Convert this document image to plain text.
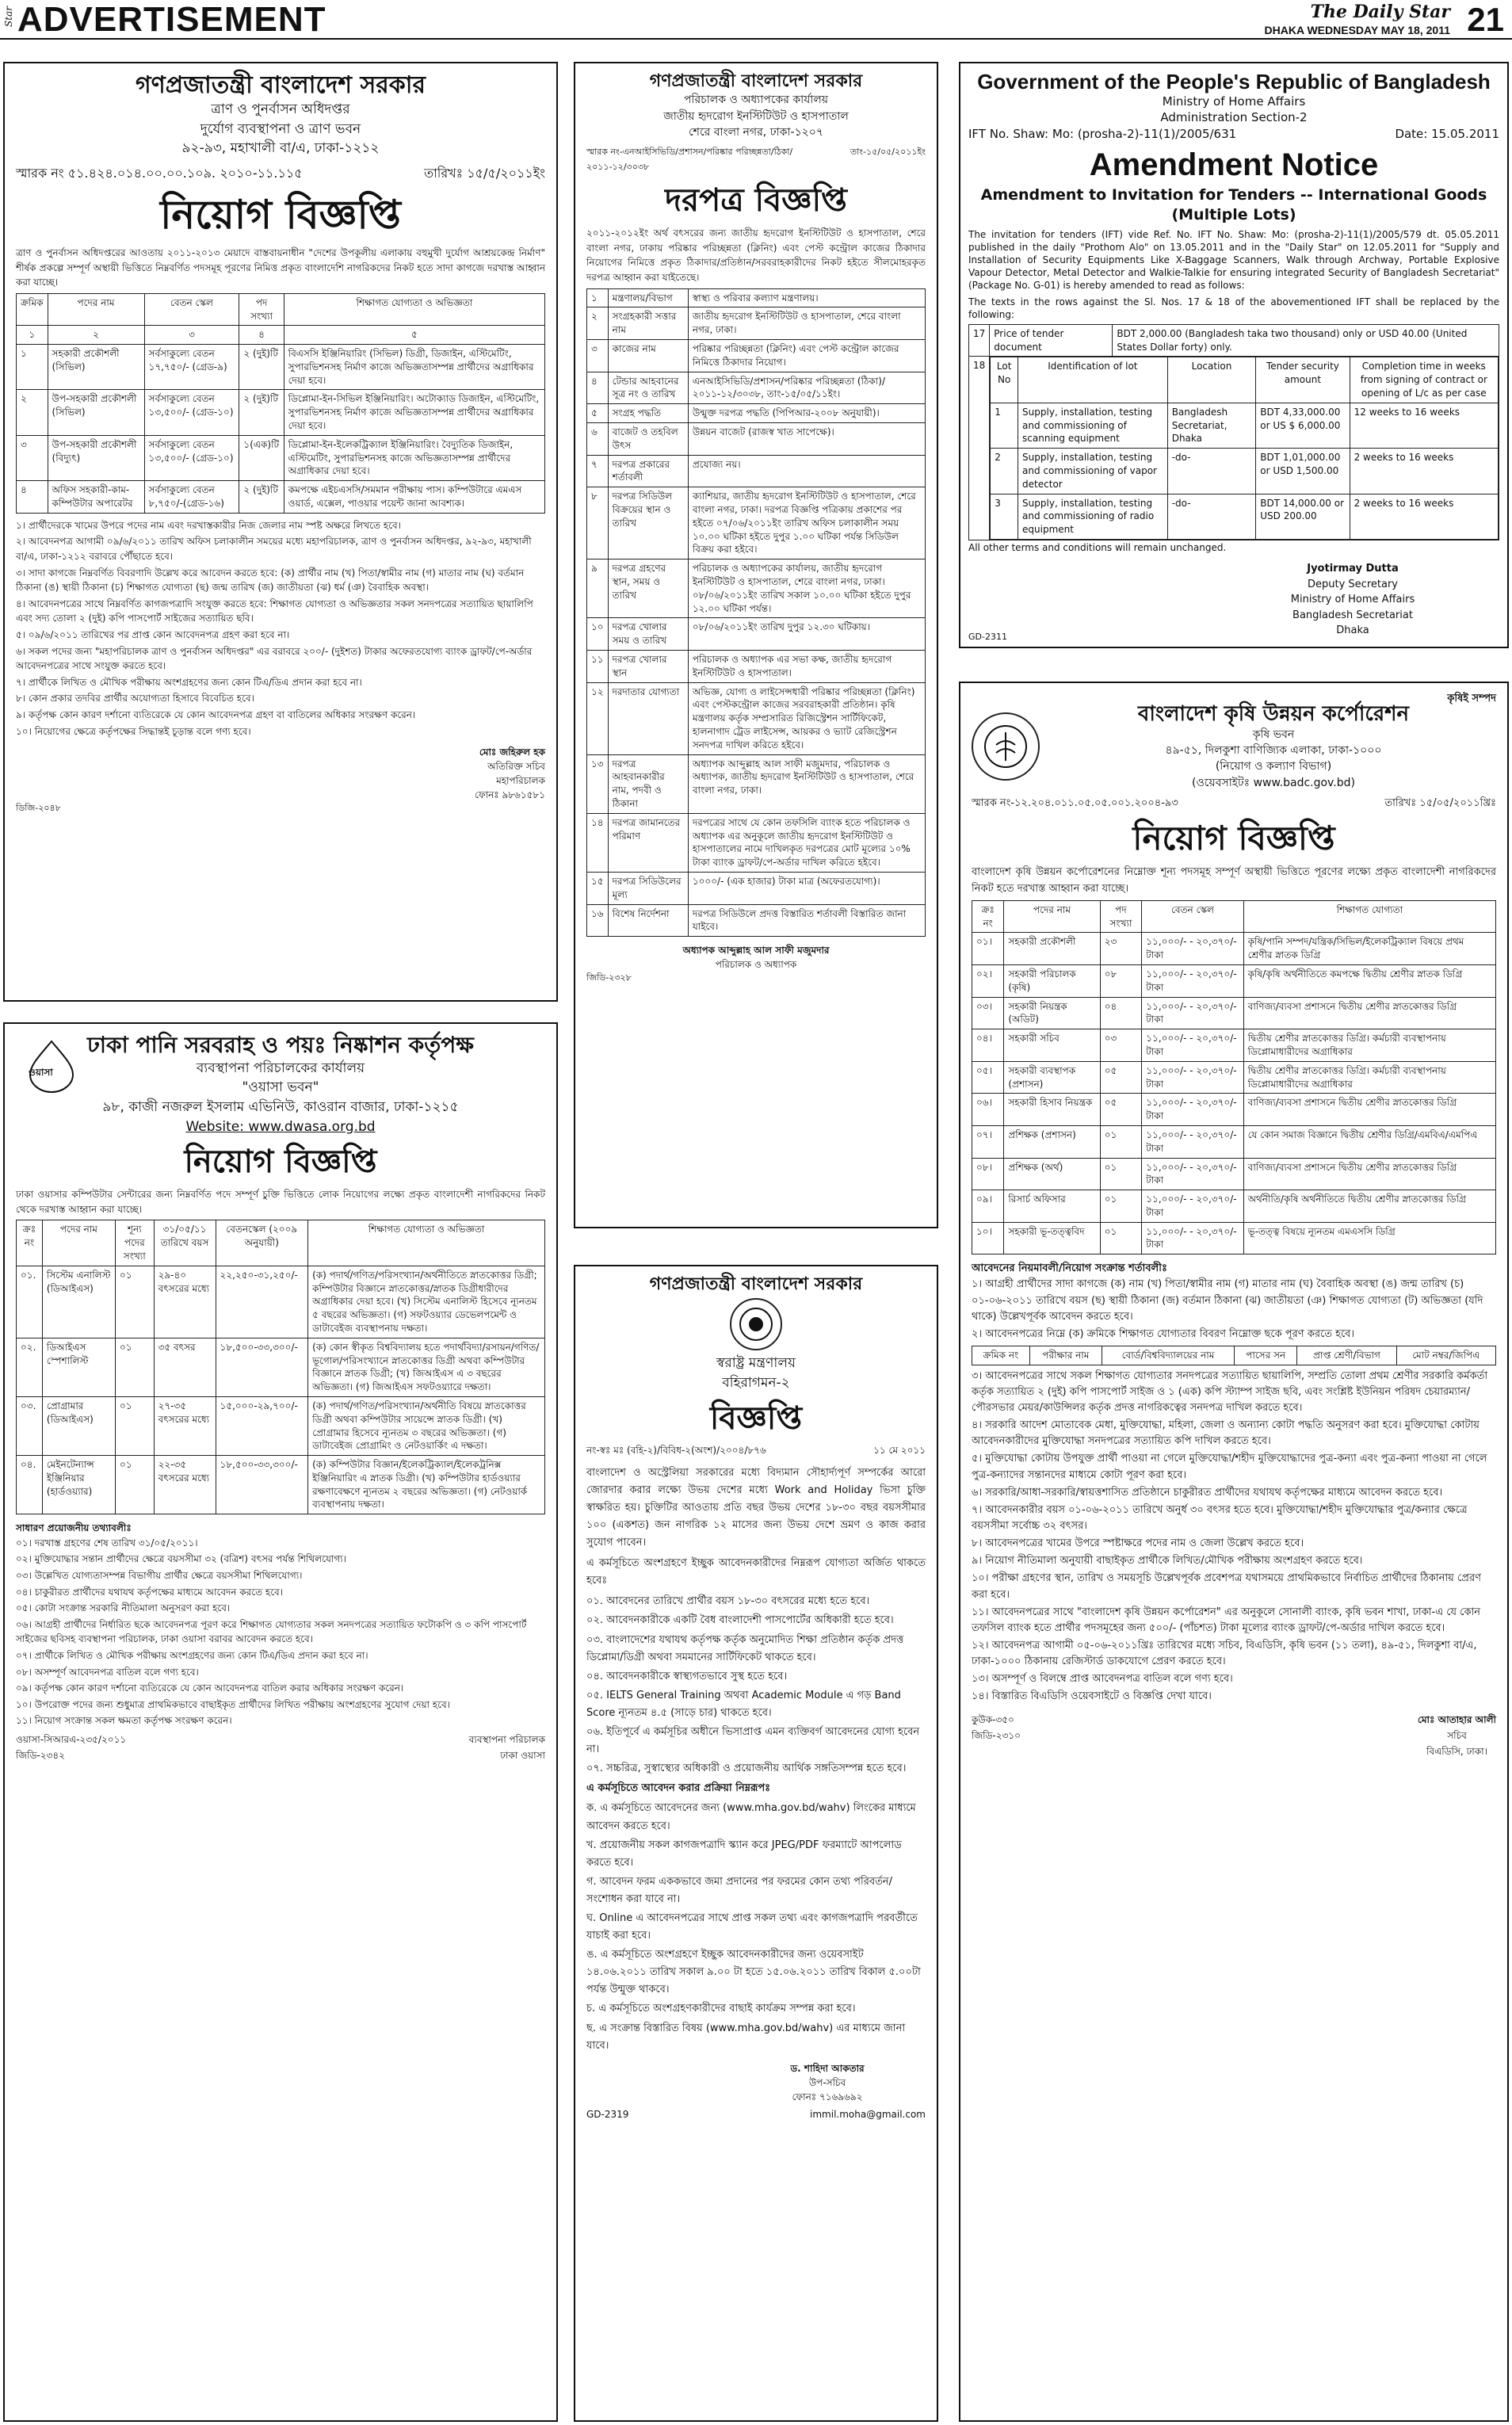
Star ADVERTISEMENT	The Daily Star
DHAKA WEDNESDAY MAY 18, 2011 21
গণপ্রজাতন্ত্রী বাংলাদেশ সরকার
ত্রাণ ও পুনর্বাসন অধিদপ্তর
দুর্যোগ ব্যবস্থাপনা ও ত্রাণ ভবন
৯২-৯৩, মহাখালী বা/এ, ঢাকা-১২১২
স্মারক নং ৫১.৪২৪.০১৪.০০.০০.১০৯. ২০১০-১১.১১৫	তারিখঃ ১৫/৫/২০১১ইং
নিয়োগ বিজ্ঞপ্তি
ত্রাণ ও পুনর্বাসন অধিদপ্তরের আওতায় ২০১১-২০১৩ মেয়াদে বাস্তবায়নাধীন "দেশের উপকূলীয় এলাকায় বহুমুখী দুর্যোগ আশ্রয়কেন্দ্র নির্মাণ" শীর্ষক প্রকল্পে সম্পূর্ণ অস্থায়ী ভিত্তিতে নিম্নবর্ণিত পদসমূহ পূরণের নিমিত্ত প্রকৃত বাংলাদেশি নাগরিকদের নিকট হতে সাদা কাগজে দরখাস্ত আহ্বান করা যাচ্ছে।
ক্রমিক	পদের নাম	বেতন স্কেল	পদ সংখ্যা	শিক্ষাগত যোগ্যতা ও অভিজ্ঞতা
১	২	৩	৪	৫
১	সহকারী প্রকৌশলী (সিভিল)	সর্বসাকুল্যে বেতন ১৭,৭৫০/- (গ্রেড-৯)	২ (দুই)টি	বিএসসি ইঞ্জিনিয়ারিং (সিভিল) ডিগ্রী, ডিজাইন, এস্টিমেটিং, সুপারভিশনসহ নির্মাণ কাজে অভিজ্ঞতাসম্পন্ন প্রার্থীদের অগ্রাধিকার দেয়া হবে।
২	উপ-সহকারী প্রকৌশলী (সিভিল)	সর্বসাকুল্যে বেতন ১৩,৫০০/- (গ্রেড-১০)	২ (দুই)টি	ডিপ্লোমা-ইন-সিভিল ইঞ্জিনিয়ারিং। অটোক্যাড ডিজাইন, এস্টিমেটিং, সুপারভিশনসহ নির্মাণ কাজে অভিজ্ঞতাসম্পন্ন প্রার্থীদের অগ্রাধিকার দেয়া হবে।
৩	উপ-সহকারী প্রকৌশলী (বিদ্যুৎ)	সর্বসাকুল্যে বেতন ১৩,৫০০/- (গ্রেড-১০)	১(এক)টি	ডিপ্লোমা-ইন-ইলেকট্রিক্যাল ইঞ্জিনিয়ারিং। বৈদ্যুতিক ডিজাইন, এস্টিমেটিং, সুপারভিশনসহ কাজে অভিজ্ঞতাসম্পন্ন প্রার্থীদের অগ্রাধিকার দেয়া হবে।
৪	অফিস সহকারী-কাম-কম্পিউটার অপারেটর	সর্বসাকুল্যে বেতন ৮,৭৫০/-(গ্রেড-১৬)	২ (দুই)টি	কমপক্ষে এইচএসসি/সমমান পরীক্ষায় পাস। কম্পিউটারে এমএস ওয়ার্ড, এক্সেল, পাওয়ার পয়েন্ট জানা আবশ্যক।
১। প্রার্থীদেরকে খামের উপরে পদের নাম এবং দরখাস্তকারীর নিজ জেলার নাম স্পষ্ট অক্ষরে লিখতে হবে।
২। আবেদনপত্র আগামী ০৯/৬/২০১১ তারিখ অফিস চলাকালীন সময়ের মধ্যে মহাপরিচালক, ত্রাণ ও পুনর্বাসন অধিদপ্তর, ৯২-৯৩, মহাখালী বা/এ, ঢাকা-১২১২ বরাবরে পৌঁছাতে হবে।
৩। সাদা কাগজে নিম্নবর্ণিত বিবরণাদি উল্লেখ করে আবেদন করতে হবে: (ক) প্রার্থীর নাম (খ) পিতা/স্বামীর নাম (গ) মাতার নাম (ঘ) বর্তমান ঠিকানা (ঙ) স্থায়ী ঠিকানা (চ) শিক্ষাগত যোগ্যতা (ছ) জন্ম তারিখ (জ) জাতীয়তা (ঝ) ধর্ম (ঞ) বৈবাহিক অবস্থা।
৪। আবেদনপত্রের সাথে নিম্নবর্ণিত কাগজপত্রাদি সংযুক্ত করতে হবে: শিক্ষাগত যোগ্যতা ও অভিজ্ঞতার সকল সনদপত্রের সত্যায়িত ছায়ালিপি এবং সদ্য তোলা ২ (দুই) কপি পাসপোর্ট সাইজের সত্যায়িত ছবি।
৫। ০৯/৬/২০১১ তারিখের পর প্রাপ্ত কোন আবেদনপত্র গ্রহণ করা হবে না।
৬। সকল পদের জন্য "মহাপরিচালক ত্রাণ ও পুনর্বাসন অধিদপ্তর" এর বরাবরে ২০০/- (দুইশত) টাকার অফেরতযোগ্য ব্যাংক ড্রাফট/পে-অর্ডার আবেদনপত্রের সাথে সংযুক্ত করতে হবে।
৭। প্রার্থীকে লিখিত ও মৌখিক পরীক্ষায় অংশগ্রহণের জন্য কোন টিএ/ডিএ প্রদান করা হবে না।
৮। কোন প্রকার তদবির প্রার্থীর অযোগ্যতা হিসাবে বিবেচিত হবে।
৯। কর্তৃপক্ষ কোন কারণ দর্শানো ব্যতিরেকে যে কোন আবেদনপত্র গ্রহণ বা বাতিলের অধিকার সংরক্ষণ করেন।
১০। নিয়োগের ক্ষেত্রে কর্তৃপক্ষের সিদ্ধান্তই চূড়ান্ত বলে গণ্য হবে।
মোঃ জহিরুল হক
অতিরিক্ত সচিব
মহাপরিচালক
ফোনঃ ৯৮৬১৫৮১
ডিজি-২০৪৮
গণপ্রজাতন্ত্রী বাংলাদেশ সরকার
পরিচালক ও অধ্যাপকের কার্যালয়
জাতীয় হৃদরোগ ইনস্টিটিউট ও হাসপাতাল
শেরে বাংলা নগর, ঢাকা-১২০৭
স্মারক নং-এনআইসিভিডি/প্রশাসন/পরিষ্কার পরিচ্ছন্নতা/ঠিকা/২০১১-১২/৩০৩৮
তাং-১৫/০৫/২০১১ইং
দরপত্র বিজ্ঞপ্তি
২০১১-২০১২ইং অর্থ বৎসরের জন্য জাতীয় হৃদরোগ ইনস্টিটিউট ও হাসপাতাল, শেরে বাংলা নগর, ঢাকায় পরিষ্কার পরিচ্ছন্নতা (ক্লিনিং) এবং পেস্ট কন্ট্রোল কাজের ঠিকাদার নিয়োগের নিমিত্তে প্রকৃত ঠিকাদার/প্রতিষ্ঠান/সরবরাহকারীদের নিকট হইতে সীলমোহরকৃত দরপত্র আহ্বান করা যাইতেছে।
১	মন্ত্রণালয়/বিভাগ	স্বাস্থ্য ও পরিবার কল্যাণ মন্ত্রণালয়।
২	সংগ্রহকারী সত্তার নাম	জাতীয় হৃদরোগ ইনস্টিটিউট ও হাসপাতাল, শেরে বাংলা নগর, ঢাকা।
৩	কাজের নাম	পরিষ্কার পরিচ্ছন্নতা (ক্লিনিং) এবং পেস্ট কন্ট্রোল কাজের নিমিত্তে ঠিকাদার নিয়োগ।
৪	টেন্ডার আহবানের সূত্র নং ও তারিখ	এনআইসিভিডি/প্রশাসন/পরিষ্কার পরিচ্ছন্নতা (ঠিকা)/২০১১-১২/৩০৩৮, তাং-১৫/০৫/১১ইং।
৫	সংগ্রহ পদ্ধতি	উন্মুক্ত দরপত্র পদ্ধতি (পিপিআর-২০০৮ অনুযায়ী)।
৬	বাজেট ও তহবিল উৎস	উন্নয়ন বাজেট (রাজস্ব খাত সাপেক্ষে)।
৭	দরপত্র প্রকারের শর্তাবলী	প্রযোজ্য নয়।
৮	দরপত্র সিডিউল বিক্রয়ের স্থান ও তারিখ	ক্যাশিয়ার, জাতীয় হৃদরোগ ইনস্টিটিউট ও হাসপাতাল, শেরে বাংলা নগর, ঢাকা। দরপত্র বিজ্ঞপ্তি পত্রিকায় প্রকাশের পর হইতে ০৭/০৬/২০১১ইং তারিখ অফিস চলাকালীন সময় ১০.০০ ঘটিকা হইতে দুপুর ১.০০ ঘটিকা পর্যন্ত সিডিউল বিক্রয় করা হইবে।
৯	দরপত্র গ্রহণের স্থান, সময় ও তারিখ	পরিচালক ও অধ্যাপকের কার্যালয়, জাতীয় হৃদরোগ ইনস্টিটিউট ও হাসপাতাল, শেরে বাংলা নগর, ঢাকা। ০৮/০৬/২০১১ইং তারিখ সকাল ১০.০০ ঘটিকা হইতে দুপুর ১২.০০ ঘটিকা পর্যন্ত।
১০	দরপত্র খোলার সময় ও তারিখ	০৮/০৬/২০১১ইং তারিখ দুপুর ১২.৩০ ঘটিকায়।
১১	দরপত্র খোলার স্থান	পরিচালক ও অধ্যাপক এর সভা কক্ষ, জাতীয় হৃদরোগ ইনস্টিটিউট ও হাসপাতাল।
১২	দরদাতার যোগ্যতা	অভিজ্ঞ, যোগ্য ও লাইসেন্সধারী পরিষ্কার পরিচ্ছন্নতা (ক্লিনিং) এবং পেস্টকন্ট্রোল কাজের সরবরাহকারী প্রতিষ্ঠান। কৃষি মন্ত্রণালয় কর্তৃক সম্প্রসারিত রিজিস্ট্রেশন সার্টিফিকেট, হালনাগাদ ট্রেড লাইসেন্স, আয়কর ও ভ্যাট রেজিস্ট্রেশন সনদপত্র দাখিল করিতে হইবে।
১৩	দরপত্র আহবানকারীর নাম, পদবী ও ঠিকানা	অধ্যাপক আব্দুল্লাহ আল সাফী মজুমদার, পরিচালক ও অধ্যাপক, জাতীয় হৃদরোগ ইনস্টিটিউট ও হাসপাতাল, শেরে বাংলা নগর, ঢাকা।
১৪	দরপত্র জামানতের পরিমাণ	দরপত্রের সাথে যে কোন তফসিলি ব্যাংক হতে পরিচালক ও অধ্যাপক এর অনুকূলে জাতীয় হৃদরোগ ইনস্টিটিউট ও হাসপাতালের নামে দাখিলকৃত দরপত্রের মোট মূল্যের ১০% টাকা ব্যাংক ড্রাফট/পে-অর্ডার দাখিল করিতে হইবে।
১৫	দরপত্র সিডিউলের মূল্য	১০০০/- (এক হাজার) টাকা মাত্র (অফেরতযোগ্য)।
১৬	বিশেষ নির্দেশনা	দরপত্র সিডিউলে প্রদত্ত বিস্তারিত শর্তাবলী বিস্তারিত জানা যাইবে।
অধ্যাপক আব্দুল্লাহ আল সাফী মজুমদার
পরিচালক ও অধ্যাপক
জিডি-২৩২৮
Government of the People's Republic of Bangladesh
Ministry of Home Affairs
Administration Section-2
IFT No. Shaw: Mo: (prosha-2)-11(1)/2005/631	Date: 15.05.2011
Amendment Notice
Amendment to Invitation for Tenders -- International Goods (Multiple Lots)
The invitation for tenders (IFT) vide Ref. No. IFT No. Shaw: Mo: (prosha-2)-11(1)/2005/579 dt. 05.05.2011 published in the daily "Prothom Alo" on 13.05.2011 and in the "Daily Star" on 12.05.2011 for "Supply and Installation of Security Equipments Like X-Baggage Scanners, Walk through Archway, Portable Explosive Vapour Detector, Metal Detector and Walkie-Talkie for ensuring integrated Security of Bangladesh Secretariat" (Package No. G-01) is hereby amended to read as follows:
The texts in the rows against the Sl. Nos. 17 & 18 of the abovementioned IFT shall be replaced by the following:
17	Price of tender document	BDT 2,000.00 (Bangladesh taka two thousand) only or USD 40.00 (United States Dollar forty) only.
18	Lot No	Identification of lot	Location	Tender security amount	Completion time in weeks from signing of contract or opening of L/c as per case
1	Supply, installation, testing and commissioning of scanning equipment	Bangladesh Secretariat, Dhaka	BDT 4,33,000.00 or US $ 6,000.00	12 weeks to 16 weeks
2	Supply, installation, testing and commissioning of vapor detector	-do-	BDT 1,01,000.00 or USD 1,500.00	2 weeks to 16 weeks
3	Supply, installation, testing and commissioning of radio equipment	-do-	BDT 14,000.00 or USD 200.00	2 weeks to 16 weeks
All other terms and conditions will remain unchanged.
Jyotirmay Dutta
Deputy Secretary
Ministry of Home Affairs
Bangladesh Secretariat
Dhaka
GD-2311
ওয়াসা
ঢাকা পানি সরবরাহ ও পয়ঃ নিষ্কাশন কর্তৃপক্ষ
ব্যবস্থাপনা পরিচালকের কার্যালয়
"ওয়াসা ভবন"
৯৮, কাজী নজরুল ইসলাম এভিনিউ, কাওরান বাজার, ঢাকা-১২১৫
Website: www.dwasa.org.bd
নিয়োগ বিজ্ঞপ্তি
ঢাকা ওয়াসার কম্পিউটার সেন্টারের জন্য নিম্নবর্ণিত পদে সম্পূর্ণ চুক্তি ভিত্তিতে লোক নিয়োগের লক্ষ্যে প্রকৃত বাংলাদেশী নাগরিকদের নিকট থেকে দরখাস্ত আহ্বান করা যাচ্ছে।
ক্রঃ নং	পদের নাম	শূন্য পদের সংখ্যা	৩১/০৫/১১ তারিখে বয়স	বেতনস্কেল (২০০৯ অনুযায়ী)	শিক্ষাগত যোগ্যতা ও অভিজ্ঞতা
০১.	সিস্টেম এনালিস্ট (ডিআইএস)	০১	২৯-৪০ বৎসরের মধ্যে	২২,২৫০-৩১,২৫০/-	(ক) পদার্থ/গণিত/পরিসংখ্যান/অর্থনীতিতে স্নাতকোত্তর ডিগ্রী; কম্পিউটার বিজ্ঞানে স্নাতকোত্তর/স্নাতক ডিগ্রীধারীদের অগ্রাধিকার দেয়া হবে। (খ) সিস্টেম এনালিস্ট হিসেবে ন্যূনতম ৫ বছরের অভিজ্ঞতা। (গ) সফটওয়্যার ডেভেলপমেন্ট ও ডাটাবেইজ ব্যবস্থাপনায় দক্ষতা।
০২.	ডিআইএস স্পেশালিস্ট	০১	৩৫ বৎসর	১৮,৫০০-৩৩,৩০০/-	(ক) কোন স্বীকৃত বিশ্ববিদ্যালয় হতে পদার্থবিদ্যা/রসায়ন/গণিত/ভূগোল/পরিসংখ্যানে স্নাতকোত্তর ডিগ্রী অথবা কম্পিউটার বিজ্ঞানে স্নাতক ডিগ্রী; (খ) জিআইএস এ ৩ বছরের অভিজ্ঞতা। (গ) জিআইএস সফটওয়্যারে দক্ষতা।
০৩.	প্রোগ্রামার (ডিআইএস)	০১	২৭-৩৫ বৎসরের মধ্যে	১৫,০০০-২৯,৭০০/-	(ক) পদার্থ/গণিত/পরিসংখ্যান/অর্থনীতি বিষয়ে স্নাতকোত্তর ডিগ্রী অথবা কম্পিউটার সায়েন্সে স্নাতক ডিগ্রী। (খ) প্রোগ্রামার হিসেবে ন্যূনতম ৩ বছরের অভিজ্ঞতা। (গ) ডাটাবেইজ প্রোগ্রামিং ও নেটওয়ার্কিং এ দক্ষতা।
০৪.	মেইনটেন্যান্স ইঞ্জিনিয়ার (হার্ডওয়্যার)	০১	২২-৩৫ বৎসরের মধ্যে	১৮,৫০০-৩৩,৩০০/-	(ক) কম্পিউটার বিজ্ঞান/ইলেকট্রিক্যাল/ইলেকট্রনিক্স ইঞ্জিনিয়ারিং এ স্নাতক ডিগ্রী। (খ) কম্পিউটার হার্ডওয়্যার রক্ষণাবেক্ষণে ন্যূনতম ২ বছরের অভিজ্ঞতা। (গ) নেটওয়ার্ক ব্যবস্থাপনায় দক্ষতা।
সাধারণ প্রয়োজনীয় তথ্যাবলীঃ
০১। দরখাস্ত গ্রহণের শেষ তারিখ ৩১/০৫/২০১১।
০২। মুক্তিযোদ্ধার সন্তান প্রার্থীদের ক্ষেত্রে বয়সসীমা ৩২ (বত্রিশ) বৎসর পর্যন্ত শিথিলযোগ্য।
০৩। উল্লেখিত যোগ্যতাসম্পন্ন বিভাগীয় প্রার্থীর ক্ষেত্রে বয়সসীমা শিথিলযোগ্য।
০৪। চাকুরীরত প্রার্থীদের যথাযথ কর্তৃপক্ষের মাধ্যমে আবেদন করতে হবে।
০৫। কোটা সংক্রান্ত সরকারি নীতিমালা অনুসরণ করা হবে।
০৬। আগ্রহী প্রার্থীদের নির্ধারিত ছকে আবেদনপত্র পূরণ করে শিক্ষাগত যোগ্যতার সকল সনদপত্রের সত্যায়িত ফটোকপি ও ৩ কপি পাসপোর্ট সাইজের ছবিসহ ব্যবস্থাপনা পরিচালক, ঢাকা ওয়াসা বরাবর আবেদন করতে হবে।
০৭। প্রার্থীকে লিখিত ও মৌখিক পরীক্ষায় অংশগ্রহণের জন্য কোন টিএ/ডিএ প্রদান করা হবে না।
০৮। অসম্পূর্ণ আবেদনপত্র বাতিল বলে গণ্য হবে।
০৯। কর্তৃপক্ষ কোন কারণ দর্শানো ব্যতিরেকে যে কোন আবেদনপত্র বাতিল করার অধিকার সংরক্ষণ করেন।
১০। উপরোক্ত পদের জন্য শুধুমাত্র প্রাথমিকভাবে বাছাইকৃত প্রার্থীদের লিখিত পরীক্ষায় অংশগ্রহণের সুযোগ দেয়া হবে।
১১। নিয়োগ সংক্রান্ত সকল ক্ষমতা কর্তৃপক্ষ সংরক্ষণ করেন।
ওয়াসা-সিআরএ-২৩৫/২০১১
জিডি-২৩৪২
ব্যবস্থাপনা পরিচালক
ঢাকা ওয়াসা
গণপ্রজাতন্ত্রী বাংলাদেশ সরকার
স্বরাষ্ট্র মন্ত্রণালয়
বহিরাগমন-২
বিজ্ঞপ্তি
নং-স্বঃ মঃ (বহি-২)/বিবিধ-২(অংশ)/২০০৪/৮৭৬	১১ মে ২০১১
বাংলাদেশ ও অস্ট্রেলিয়া সরকারের মধ্যে বিদ্যমান সৌহার্দ্যপূর্ণ সম্পর্কের আরো জোরদার করার লক্ষ্যে উভয় দেশের মধ্যে Work and Holiday ভিসা চুক্তি স্বাক্ষরিত হয়। চুক্তিটির আওতায় প্রতি বছর উভয় দেশের ১৮-৩০ বছর বয়সসীমার ১০০ (একশত) জন নাগরিক ১২ মাসের জন্য উভয় দেশে ভ্রমণ ও কাজ করার সুযোগ পাবেন।
এ কর্মসূচিতে অংশগ্রহণে ইচ্ছুক আবেদনকারীদের নিম্নরূপ যোগ্যতা অর্জিত থাকতে হবেঃ
০১. আবেদনের তারিখে প্রার্থীর বয়স ১৮-৩০ বৎসরের মধ্যে হতে হবে।
০২. আবেদনকারীকে একটি বৈধ বাংলাদেশী পাসপোর্টের অধিকারী হতে হবে।
০৩. বাংলাদেশের যথাযথ কর্তৃপক্ষ কর্তৃক অনুমোদিত শিক্ষা প্রতিষ্ঠান কর্তৃক প্রদত্ত ডিপ্লোমা/ডিগ্রী অথবা সমমানের সার্টিফিকেট থাকতে হবে।
০৪. আবেদনকারীকে স্বাস্থ্যগতভাবে সুস্থ হতে হবে।
০৫. IELTS General Training অথবা Academic Module এ গড় Band Score ন্যূনতম ৪.৫ (সাড়ে চার) থাকতে হবে।
০৬. ইতিপূর্বে এ কর্মসূচির অধীনে ভিসাপ্রাপ্ত এমন ব্যক্তিবর্গ আবেদনের যোগ্য হবেন না।
০৭. সচ্চরিত্র, সুস্বাস্থ্যের অধিকারী ও প্রয়োজনীয় আর্থিক সঙ্গতিসম্পন্ন হতে হবে।
এ কর্মসূচিতে আবেদন করার প্রক্রিয়া নিম্নরূপঃ
ক. এ কর্মসূচিতে আবেদনের জন্য (www.mha.gov.bd/wahv) লিংকের মাধ্যমে আবেদন করতে হবে।
খ. প্রয়োজনীয় সকল কাগজপত্রাদি স্ক্যান করে JPEG/PDF ফরম্যাটে আপলোড করতে হবে।
গ. আবেদন ফরম এককভাবে জমা প্রদানের পর ফরমের কোন তথ্য পরিবর্তন/সংশোধন করা যাবে না।
ঘ. Online এ আবেদনপত্রের সাথে প্রাপ্ত সকল তথ্য এবং কাগজপত্রাদি পরবর্তীতে যাচাই করা হবে।
ঙ. এ কর্মসূচিতে অংশগ্রহণে ইচ্ছুক আবেদনকারীদের জন্য ওয়েবসাইট ১৪.০৬.২০১১ তারিখ সকাল ৯.০০ টা হতে ১৫.০৬.২০১১ তারিখ বিকাল ৫.০০টা পর্যন্ত উন্মুক্ত থাকবে।
চ. এ কর্মসূচিতে অংশগ্রহণকারীদের বাছাই কার্যক্রম সম্পন্ন করা হবে।
ছ. এ সংক্রান্ত বিস্তারিত বিষয় (www.mha.gov.bd/wahv) এর মাধ্যমে জানা যাবে।
ড. শাহিদা আকতার
উপ-সচিব
ফোনঃ ৭১৬৯৬৯২
GD-2319	immil.moha@gmail.com
কৃষিই সম্পদ
বাংলাদেশ কৃষি উন্নয়ন কর্পোরেশন
কৃষি ভবন
৪৯-৫১, দিলকুশা বাণিজ্যিক এলাকা, ঢাকা-১০০০
(নিয়োগ ও কল্যাণ বিভাগ)
(ওয়েবসাইটঃ www.badc.gov.bd)
স্মারক নং-১২.২০৪.০১১.০৫.০৫.০০১.২০০৪-৯৩	তারিখঃ ১৫/০৫/২০১১খ্রিঃ
নিয়োগ বিজ্ঞপ্তি
বাংলাদেশ কৃষি উন্নয়ন কর্পোরেশনের নিম্নোক্ত শূন্য পদসমূহ সম্পূর্ণ অস্থায়ী ভিত্তিতে পূরণের লক্ষ্যে প্রকৃত বাংলাদেশী নাগরিকদের নিকট হতে দরখাস্ত আহ্বান করা যাচ্ছে।
ক্রঃ নং	পদের নাম	পদ সংখ্যা	বেতন স্কেল	শিক্ষাগত যোগ্যতা
০১।	সহকারী প্রকৌশলী	২৩	১১,০০০/- - ২০,৩৭০/- টাকা	কৃষি/পানি সম্পদ/যন্ত্রিক/সিভিল/ইলেকট্রিক্যাল বিষয়ে প্রথম শ্রেণীর স্নাতক ডিগ্রি
০২।	সহকারী পরিচালক (কৃষি)	০৮	১১,০০০/- - ২০,৩৭০/- টাকা	কৃষি/কৃষি অর্থনীতিতে কমপক্ষে দ্বিতীয় শ্রেণীর স্নাতক ডিগ্রি
০৩।	সহকারী নিয়ন্ত্রক (অডিট)	০৪	১১,০০০/- - ২০,৩৭০/- টাকা	বাণিজ্য/ব্যবসা প্রশাসনে দ্বিতীয় শ্রেণীর স্নাতকোত্তর ডিগ্রি
০৪।	সহকারী সচিব	০৩	১১,০০০/- - ২০,৩৭০/- টাকা	দ্বিতীয় শ্রেণীর স্নাতকোত্তর ডিগ্রি। কর্মচারী ব্যবস্থাপনায় ডিপ্লোমাধারীদের অগ্রাধিকার
০৫।	সহকারী ব্যবস্থাপক (প্রশাসন)	০৫	১১,০০০/- - ২০,৩৭০/- টাকা	দ্বিতীয় শ্রেণীর স্নাতকোত্তর ডিগ্রি। কর্মচারী ব্যবস্থাপনায় ডিপ্লোমাধারীদের অগ্রাধিকার
০৬।	সহকারী হিসাব নিয়ন্ত্রক	০৫	১১,০০০/- - ২০,৩৭০/- টাকা	বাণিজ্য/ব্যবসা প্রশাসনে দ্বিতীয় শ্রেণীর স্নাতকোত্তর ডিগ্রি
০৭।	প্রশিক্ষক (প্রশাসন)	০১	১১,০০০/- - ২০,৩৭০/- টাকা	যে কোন সমাজ বিজ্ঞানে দ্বিতীয় শ্রেণীর ডিগ্রি/এমবিএ/এমপিএ
০৮।	প্রশিক্ষক (অর্থ)	০১	১১,০০০/- - ২০,৩৭০/- টাকা	বাণিজ্য/ব্যবসা প্রশাসনে দ্বিতীয় শ্রেণীর স্নাতকোত্তর ডিগ্রি
০৯।	রিসার্চ অফিসার	০১	১১,০০০/- - ২০,৩৭০/- টাকা	অর্থনীতি/কৃষি অর্থনীতিতে দ্বিতীয় শ্রেণীর স্নাতকোত্তর ডিগ্রি
১০।	সহকারী ভূ-তত্ত্ববিদ	০১	১১,০০০/- - ২০,৩৭০/- টাকা	ভূ-তত্ত্ব বিষয়ে ন্যূনতম এমএসসি ডিগ্রি
আবেদনের নিয়মাবলী/নিয়োগ সংক্রান্ত শর্তাবলীঃ
১। আগ্রহী প্রার্থীদের সাদা কাগজে (ক) নাম (খ) পিতা/স্বামীর নাম (গ) মাতার নাম (ঘ) বৈবাহিক অবস্থা (ঙ) জন্ম তারিখ (চ) ০১-০৬-২০১১ তারিখে বয়স (ছ) স্থায়ী ঠিকানা (জ) বর্তমান ঠিকানা (ঝ) জাতীয়তা (ঞ) শিক্ষাগত যোগ্যতা (ট) অভিজ্ঞতা (যদি থাকে) উল্লেখপূর্বক আবেদন করতে হবে।
২। আবেদনপত্রের নিম্নে (ক) ক্রমিকে শিক্ষাগত যোগ্যতার বিবরণ নিম্নোক্ত ছকে পূরণ করতে হবে।
ক্রমিক নং	পরীক্ষার নাম	বোর্ড/বিশ্ববিদ্যালয়ের নাম	পাসের সন	প্রাপ্ত শ্রেণী/বিভাগ	মোট নম্বর/জিপিএ
৩। আবেদনপত্রের সাথে সকল শিক্ষাগত যোগ্যতার সনদপত্রের সত্যায়িত ছায়ালিপি, সম্প্রতি তোলা প্রথম শ্রেণীর সরকারি কর্মকর্তা কর্তৃক সত্যায়িত ২ (দুই) কপি পাসপোর্ট সাইজ ও ১ (এক) কপি স্ট্যাম্প সাইজ ছবি, এবং সংশ্লিষ্ট ইউনিয়ন পরিষদ চেয়ারম্যান/পৌরসভার মেয়র/কাউন্সিলর কর্তৃক প্রদত্ত নাগরিকত্বের সনদপত্র দাখিল করতে হবে।
৪। সরকারি আদেশ মোতাবেক মেধা, মুক্তিযোদ্ধা, মহিলা, জেলা ও অন্যান্য কোটা পদ্ধতি অনুসরণ করা হবে। মুক্তিযোদ্ধা কোটায় আবেদনকারীদের মুক্তিযোদ্ধা সনদপত্রের সত্যায়িত কপি দাখিল করতে হবে।
৫। মুক্তিযোদ্ধা কোটায় উপযুক্ত প্রার্থী পাওয়া না গেলে মুক্তিযোদ্ধা/শহীদ মুক্তিযোদ্ধাদের পুত্র-কন্যা এবং পুত্র-কন্যা পাওয়া না গেলে পুত্র-কন্যাদের সন্তানদের মাধ্যমে কোটা পূরণ করা হবে।
৬। সরকারি/আধা-সরকারি/স্বায়ত্তশাসিত প্রতিষ্ঠানে চাকুরীরত প্রার্থীদের যথাযথ কর্তৃপক্ষের মাধ্যমে আবেদন করতে হবে।
৭। আবেদনকারীর বয়স ০১-০৬-২০১১ তারিখে অনুর্ধ ৩০ বৎসর হতে হবে। মুক্তিযোদ্ধা/শহীদ মুক্তিযোদ্ধার পুত্র/কন্যার ক্ষেত্রে বয়সসীমা সর্বোচ্চ ৩২ বৎসর।
৮। আবেদনপত্রের খামের উপরে স্পষ্টাক্ষরে পদের নাম ও জেলা উল্লেখ করতে হবে।
৯। নিয়োগ নীতিমালা অনুযায়ী বাছাইকৃত প্রার্থীকে লিখিত/মৌখিক পরীক্ষায় অংশগ্রহণ করতে হবে।
১০। পরীক্ষা গ্রহণের স্থান, তারিখ ও সময়সূচি উল্লেখপূর্বক প্রবেশপত্র যথাসময়ে প্রাথমিকভাবে নির্বাচিত প্রার্থীদের ঠিকানায় প্রেরণ করা হবে।
১১। আবেদনপত্রের সাথে "বাংলাদেশ কৃষি উন্নয়ন কর্পোরেশন" এর অনুকূলে সোনালী ব্যাংক, কৃষি ভবন শাখা, ঢাকা-এ যে কোন তফসিল ব্যাংক হতে প্রার্থীর পদসমূহের জন্য ৫০০/- (পাঁচশত) টাকা মূল্যের ব্যাংক ড্রাফট/পে-অর্ডার দাখিল করতে হবে।
১২। আবেদনপত্র আগামী ০৫-০৬-২০১১খ্রিঃ তারিখের মধ্যে সচিব, বিএডিসি, কৃষি ভবন (১১ তলা), ৪৯-৫১, দিলকুশা বা/এ, ঢাকা-১০০০ ঠিকানায় রেজিস্টার্ড ডাকযোগে প্রেরণ করতে হবে।
১৩। অসম্পূর্ণ ও বিলম্বে প্রাপ্ত আবেদনপত্র বাতিল বলে গণ্য হবে।
১৪। বিস্তারিত বিএডিসি ওয়েবসাইটে ও বিজ্ঞপ্তি দেখা যাবে।
কুউক-৩৫০
জিডি-২৩১০
মোঃ আতাহার আলী
সচিব
বিএডিসি, ঢাকা।
